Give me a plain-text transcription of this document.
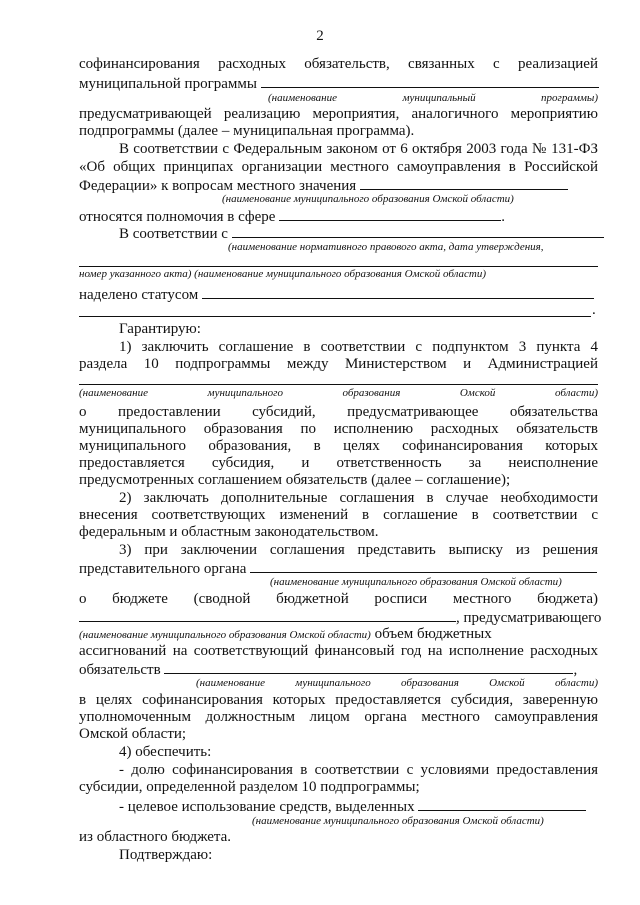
2
софинансирования расходных обязательств, связанных с реализацией
муниципальной программы
(наименование муниципальный программы)
предусматривающей реализацию мероприятия, аналогичного мероприятию
подпрограммы (далее – муниципальная программа).
В соответствии с Федеральным законом от 6 октября 2003 года № 131-ФЗ
«Об общих принципах организации местного самоуправления в Российской
Федерации» к вопросам местного значения
(наименование муниципального образования Омской области)
относятся полномочия в сфере	.
В соответствии с
(наименование нормативного правового акта, дата утверждения,
номер указанного акта) (наименование муниципального образования Омской области)
наделено статусом
.
Гарантирую:
1) заключить соглашение в соответствии с подпунктом 3 пункта 4
раздела 10 подпрограммы между Министерством и Администрацией
(наименование муниципального образования Омской области)
о предоставлении субсидий, предусматривающее обязательства
муниципального образования по исполнению расходных обязательств
муниципального образования, в целях софинансирования которых
предоставляется субсидия, и ответственность за неисполнение
предусмотренных соглашением обязательств (далее – соглашение);
2) заключать дополнительные соглашения в случае необходимости
внесения соответствующих изменений в соглашение в соответствии с
федеральным и областным законодательством.
3) при заключении соглашения представить выписку из решения
представительного органа
(наименование муниципального образования Омской области)
о бюджете (сводной бюджетной росписи местного бюджета)
, предусматривающего
(наименование муниципального образования Омской области) объем бюджетных
ассигнований на соответствующий финансовый год на исполнение расходных
обязательств	,
(наименование муниципального образования Омской области)
в целях софинансирования которых предоставляется субсидия, заверенную
уполномоченным должностным лицом органа местного самоуправления
Омской области;
4) обеспечить:
- долю софинансирования в соответствии с условиями предоставления
субсидии, определенной разделом 10 подпрограммы;
- целевое использование средств, выделенных
(наименование муниципального образования Омской области)
из областного бюджета.
Подтверждаю:
